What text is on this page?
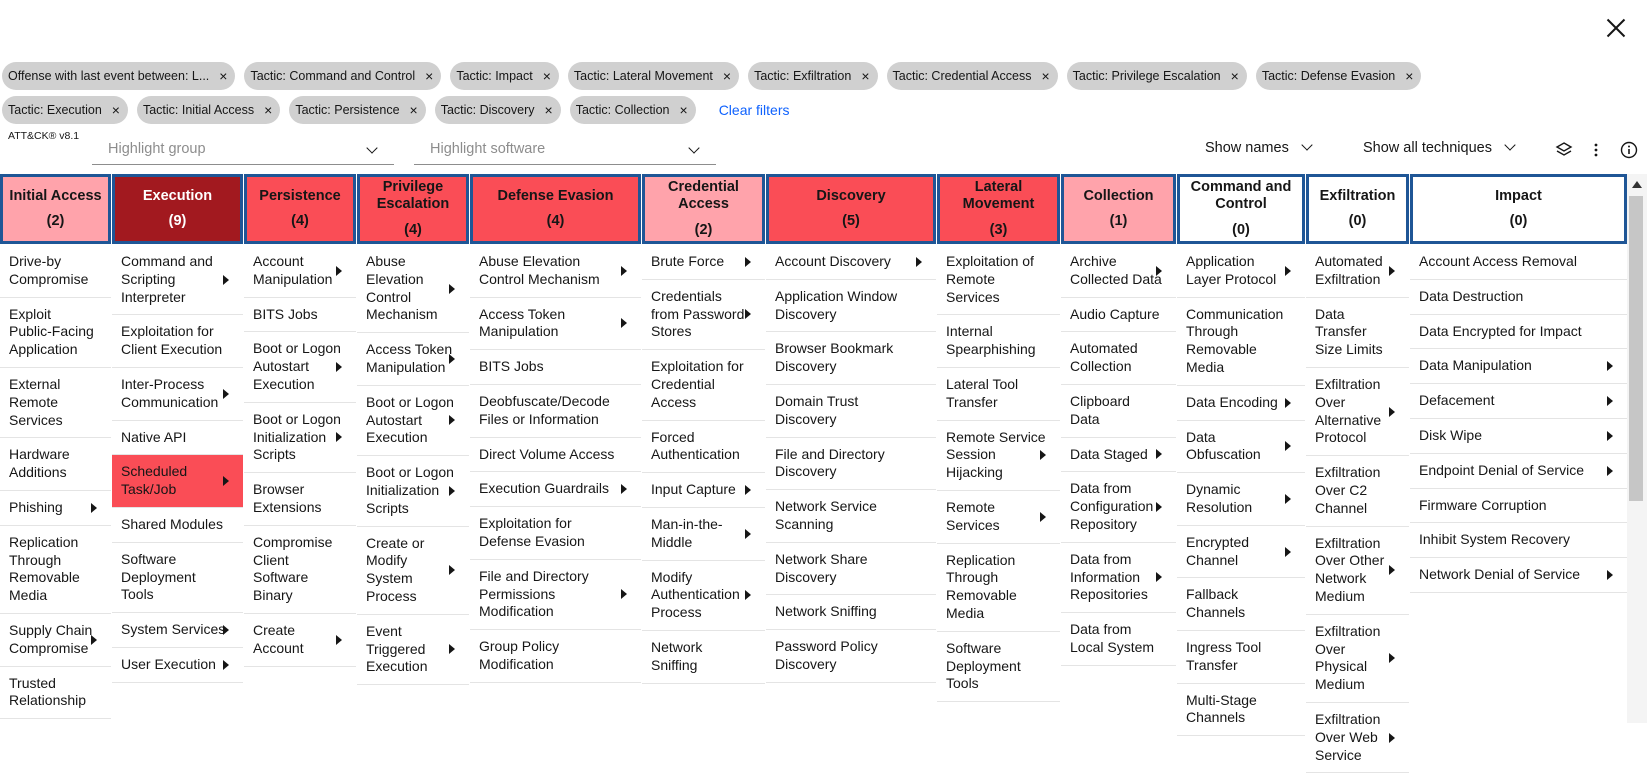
Offense with last event between: L... × Tactic: Command and Control × Tactic: Impact × Tactic: Lateral Movement × Tactic: Exfiltration × Tactic: Credential Access × Tactic: Privilege Escalation × Tactic: Defense Evasion ×
Tactic: Execution × Tactic: Initial Access × Tactic: Persistence × Tactic: Discovery × Tactic: Collection × Clear filters
ATT&CK® v8.1
Highlight group	Highlight software	Show names	Show all techniques
Initial Access
(2)
Drive-by Compromise
Exploit Public-Facing Application
External Remote Services
Hardware Additions
Phishing
Replication Through Removable Media
Supply Chain Compromise
Trusted Relationship
Execution
(9)
Command and Scripting Interpreter
Exploitation for Client Execution
Inter-Process Communication
Native API
Scheduled Task/Job
Shared Modules
Software Deployment Tools
System Services
User Execution
Persistence
(4)
Account Manipulation
BITS Jobs
Boot or Logon Autostart Execution
Boot or Logon Initialization Scripts
Browser Extensions
Compromise Client Software Binary
Create Account
Privilege Escalation
(4)
Abuse Elevation Control Mechanism
Access Token Manipulation
Boot or Logon Autostart Execution
Boot or Logon Initialization Scripts
Create or Modify System Process
Event Triggered Execution
Defense Evasion
(4)
Abuse Elevation Control Mechanism
Access Token Manipulation
BITS Jobs
Deobfuscate/Decode Files or Information
Direct Volume Access
Execution Guardrails
Exploitation for Defense Evasion
File and Directory Permissions Modification
Group Policy Modification
Credential Access
(2)
Brute Force
Credentials from Password Stores
Exploitation for Credential Access
Forced Authentication
Input Capture
Man-in-the-Middle
Modify Authentication Process
Network Sniffing
Discovery
(5)
Account Discovery
Application Window Discovery
Browser Bookmark Discovery
Domain Trust Discovery
File and Directory Discovery
Network Service Scanning
Network Share Discovery
Network Sniffing
Password Policy Discovery
Lateral Movement
(3)
Exploitation of Remote Services
Internal Spearphishing
Lateral Tool Transfer
Remote Service Session Hijacking
Remote Services
Replication Through Removable Media
Software Deployment Tools
Collection
(1)
Archive Collected Data
Audio Capture
Automated Collection
Clipboard Data
Data Staged
Data from Configuration Repository
Data from Information Repositories
Data from Local System
Command and Control
(0)
Application Layer Protocol
Communication Through Removable Media
Data Encoding
Data Obfuscation
Dynamic Resolution
Encrypted Channel
Fallback Channels
Ingress Tool Transfer
Multi-Stage Channels
Exfiltration
(0)
Automated Exfiltration
Data Transfer Size Limits
Exfiltration Over Alternative Protocol
Exfiltration Over C2 Channel
Exfiltration Over Other Network Medium
Exfiltration Over Physical Medium
Exfiltration Over Web Service
Impact
(0)
Account Access Removal
Data Destruction
Data Encrypted for Impact
Data Manipulation
Defacement
Disk Wipe
Endpoint Denial of Service
Firmware Corruption
Inhibit System Recovery
Network Denial of Service
